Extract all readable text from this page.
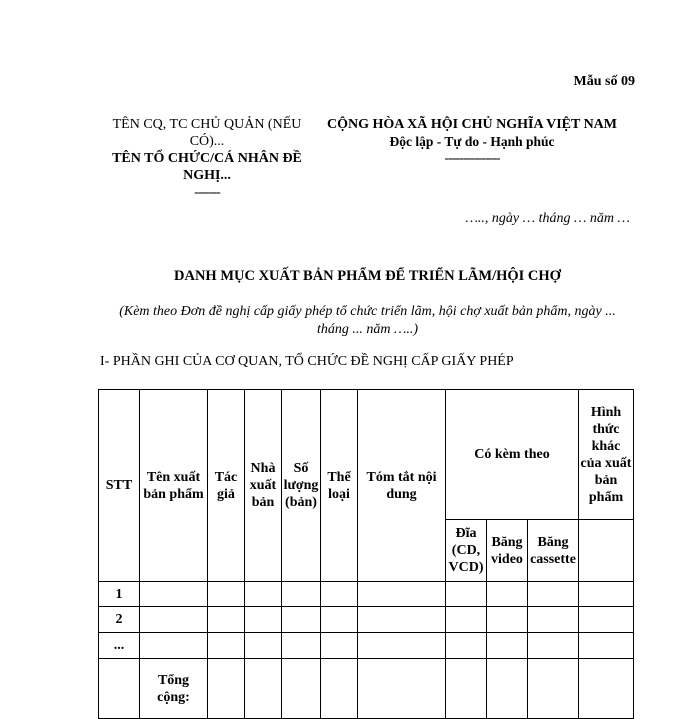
Mẫu số 09
TÊN CQ, TC CHỦ QUẢN (NẾU CÓ)...
TÊN TỔ CHỨC/CÁ NHÂN ĐỀ NGHỊ...
-------
CỘNG HÒA XÃ HỘI CHỦ NGHĨA VIỆT NAM
Độc lập - Tự do - Hạnh phúc
---------------
….., ngày … tháng … năm …
DANH MỤC XUẤT BẢN PHẨM ĐỂ TRIỂN LÃM/HỘI CHỢ
(Kèm theo Đơn đề nghị cấp giấy phép tổ chức triển lãm, hội chợ xuất bản phẩm, ngày ... tháng ... năm …..)
I- PHẦN GHI CỦA CƠ QUAN, TỔ CHỨC ĐỀ NGHỊ CẤP GIẤY PHÉP
STT	Tên xuất bản phẩm	Tác giả	Nhà xuất bản	Số lượng (bản)	Thể loại	Tóm tắt nội dung	Có kèm theo			Hình thức khác của xuất bản phẩm
							Đĩa (CD, VCD)	Băng video	Băng cassette	
1										
2										
...										
	Tổng cộng:									
